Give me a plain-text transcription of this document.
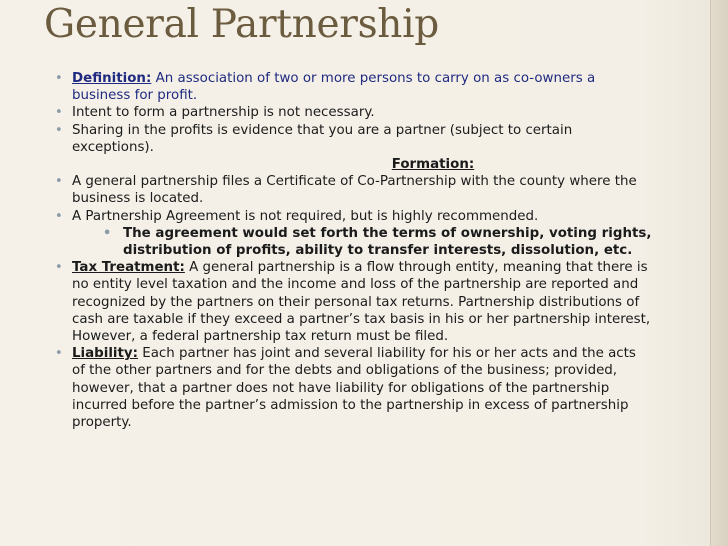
General Partnership
• Definition: An association of two or more persons to carry on as co-owners a business for profit.
• Intent to form a partnership is not necessary.
• Sharing in the profits is evidence that you are a partner (subject to certain exceptions).
Formation:
• A general partnership files a Certificate of Co-Partnership with the county where the business is located.
• A Partnership Agreement is not required, but is highly recommended.
• The agreement would set forth the terms of ownership, voting rights, distribution of profits, ability to transfer interests, dissolution, etc.
• Tax Treatment: A general partnership is a flow through entity, meaning that there is no entity level taxation and the income and loss of the partnership are reported and recognized by the partners on their personal tax returns. Partnership distributions of cash are taxable if they exceed a partner’s tax basis in his or her partnership interest, However, a federal partnership tax return must be filed.
• Liability: Each partner has joint and several liability for his or her acts and the acts of the other partners and for the debts and obligations of the business; provided, however, that a partner does not have liability for obligations of the partnership incurred before the partner’s admission to the partnership in excess of partnership property.
